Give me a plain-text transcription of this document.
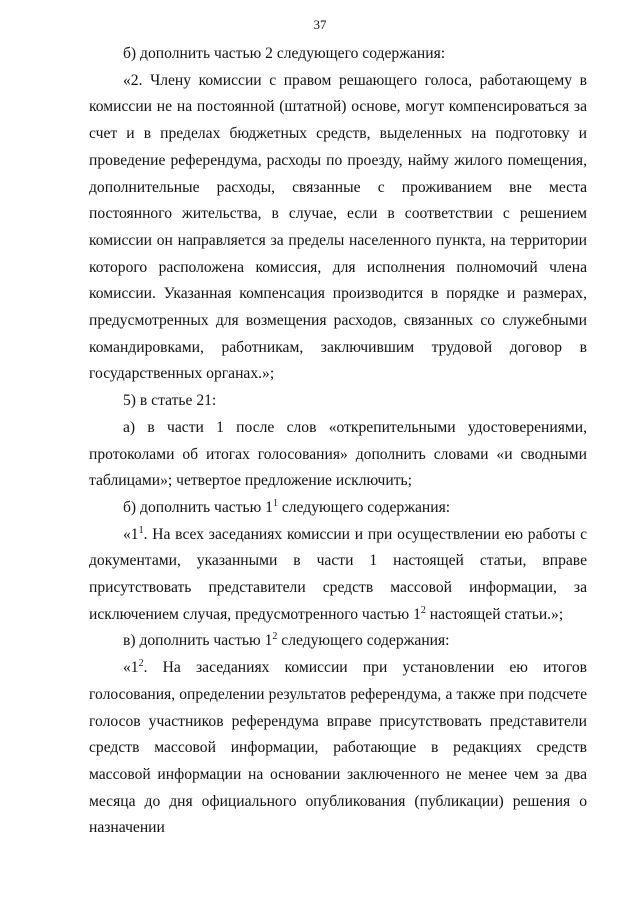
37

б) дополнить частью 2 следующего содержания:

«2. Члену комиссии с правом решающего голоса, работающему в комиссии не на постоянной (штатной) основе, могут компенсироваться за счет и в пределах бюджетных средств, выделенных на подготовку и проведение референдума, расходы по проезду, найму жилого помещения, дополнительные расходы, связанные с проживанием вне места постоянного жительства, в случае, если в соответствии с решением комиссии он направляется за пределы населенного пункта, на территории которого расположена комиссия, для исполнения полномочий члена комиссии. Указанная компенсация производится в порядке и размерах, предусмотренных для возмещения расходов, связанных со служебными командировками, работникам, заключившим трудовой договор в государственных органах.»;

5) в статье 21:

а) в части 1 после слов «открепительными удостоверениями, протоколами об итогах голосования» дополнить словами «и сводными таблицами»; четвертое предложение исключить;

б) дополнить частью $1^1$ следующего содержания:

«$1^1$. На всех заседаниях комиссии и при осуществлении ею работы с документами, указанными в части 1 настоящей статьи, вправе присутствовать представители средств массовой информации, за исключением случая, предусмотренного частью $1^2$ настоящей статьи.»;

в) дополнить частью $1^2$ следующего содержания:

«$1^2$. На заседаниях комиссии при установлении ею итогов голосования, определении результатов референдума, а также при подсчете голосов участников референдума вправе присутствовать представители средств массовой информации, работающие в редакциях средств массовой информации на основании заключенного не менее чем за два месяца до дня официального опубликования (публикации) решения о назначении
